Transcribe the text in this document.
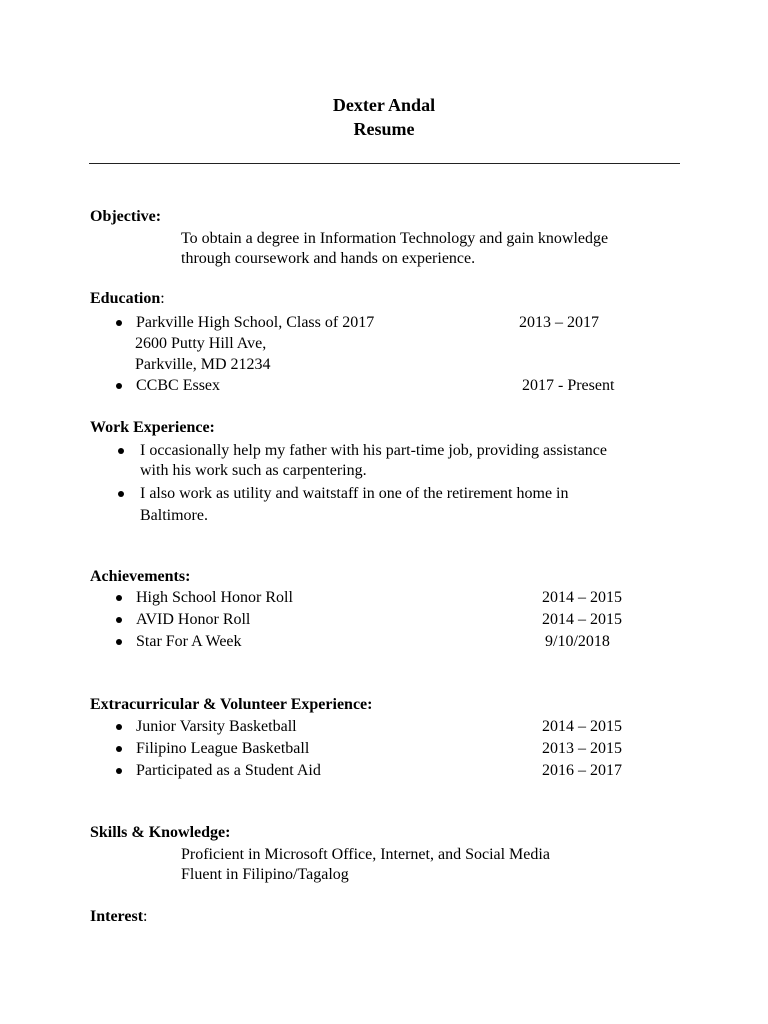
Dexter Andal
Resume
Objective:
To obtain a degree in Information Technology and gain knowledge
through coursework and hands on experience.
Education:
Parkville High School, Class of 2017	2013 – 2017
2600 Putty Hill Ave,
Parkville, MD 21234
CCBC Essex	2017 - Present
Work Experience:
I occasionally help my father with his part-time job, providing assistance
with his work such as carpentering.
I also work as utility and waitstaff in one of the retirement home in
Baltimore.
Achievements:
High School Honor Roll	2014 – 2015
AVID Honor Roll	2014 – 2015
Star For A Week	9/10/2018
Extracurricular & Volunteer Experience:
Junior Varsity Basketball	2014 – 2015
Filipino League Basketball	2013 – 2015
Participated as a Student Aid	2016 – 2017
Skills & Knowledge:
Proficient in Microsoft Office, Internet, and Social Media
Fluent in Filipino/Tagalog
Interest:
